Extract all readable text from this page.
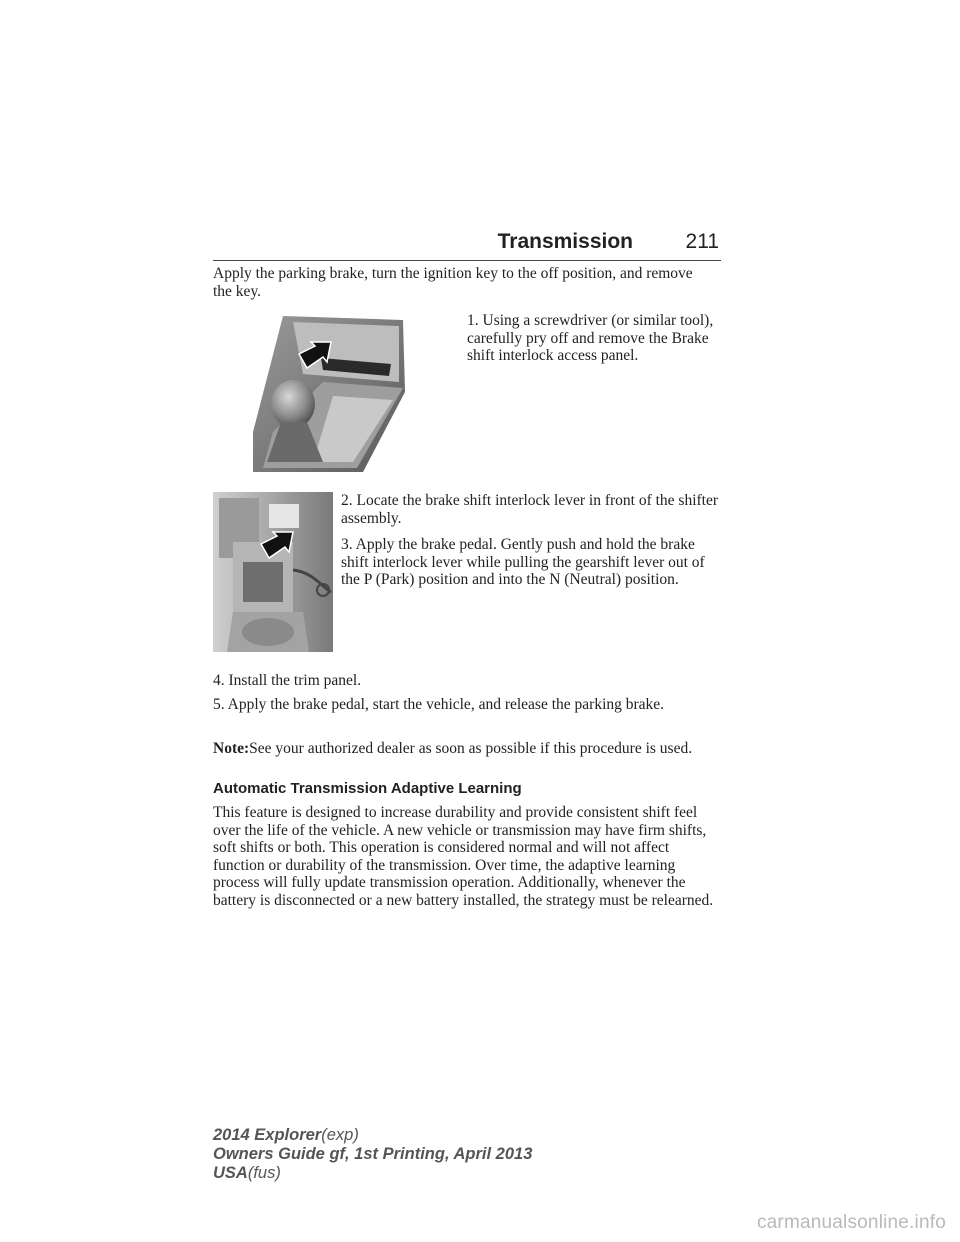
Transmission	211

Apply the parking brake, turn the ignition key to the off position, and remove the key.

1. Using a screwdriver (or similar tool), carefully pry off and remove the Brake shift interlock access panel.

2. Locate the brake shift interlock lever in front of the shifter assembly.

3. Apply the brake pedal. Gently push and hold the brake shift interlock lever while pulling the gearshift lever out of the P (Park) position and into the N (Neutral) position.

4. Install the trim panel.

5. Apply the brake pedal, start the vehicle, and release the parking brake.

Note:See your authorized dealer as soon as possible if this procedure is used.

Automatic Transmission Adaptive Learning

This feature is designed to increase durability and provide consistent shift feel over the life of the vehicle. A new vehicle or transmission may have firm shifts, soft shifts or both. This operation is considered normal and will not affect function or durability of the transmission. Over time, the adaptive learning process will fully update transmission operation. Additionally, whenever the battery is disconnected or a new battery installed, the strategy must be relearned.

2014 Explorer(exp)
Owners Guide gf, 1st Printing, April 2013
USA(fus)
carmanualsonline.info
